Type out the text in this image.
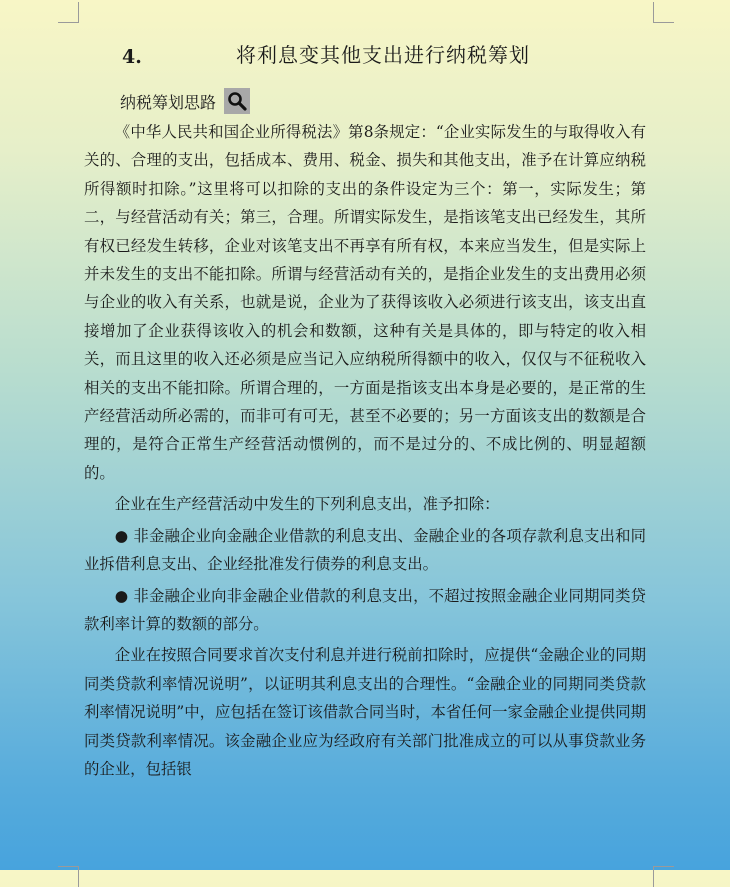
4.	将利息变其他支出进行纳税筹划
纳税筹划思路

《中华人民共和国企业所得税法》第8条规定：“企业实际发生的与取得收入有关的、合理的支出，包括成本、费用、税金、损失和其他支出，准予在计算应纳税所得额时扣除。”这里将可以扣除的支出的条件设定为三个：第一，实际发生；第二，与经营活动有关；第三，合理。所谓实际发生，是指该笔支出已经发生，其所有权已经发生转移，企业对该笔支出不再享有所有权，本来应当发生，但是实际上并未发生的支出不能扣除。所谓与经营活动有关的，是指企业发生的支出费用必须与企业的收入有关系，也就是说，企业为了获得该收入必须进行该支出，该支出直接增加了企业获得该收入的机会和数额，这种有关是具体的，即与特定的收入相关，而且这里的收入还必须是应当记入应纳税所得额中的收入，仅仅与不征税收入相关的支出不能扣除。所谓合理的，一方面是指该支出本身是必要的，是正常的生产经营活动所必需的，而非可有可无，甚至不必要的；另一方面该支出的数额是合理的，是符合正常生产经营活动惯例的，而不是过分的、不成比例的、明显超额的。

企业在生产经营活动中发生的下列利息支出，准予扣除：

● 非金融企业向金融企业借款的利息支出、金融企业的各项存款利息支出和同业拆借利息支出、企业经批准发行债券的利息支出。

● 非金融企业向非金融企业借款的利息支出，不超过按照金融企业同期同类贷款利率计算的数额的部分。

企业在按照合同要求首次支付利息并进行税前扣除时，应提供“金融企业的同期同类贷款利率情况说明”，以证明其利息支出的合理性。“金融企业的同期同类贷款利率情况说明”中，应包括在签订该借款合同当时，本省任何一家金融企业提供同期同类贷款利率情况。该金融企业应为经政府有关部门批准成立的可以从事贷款业务的企业，包括银
